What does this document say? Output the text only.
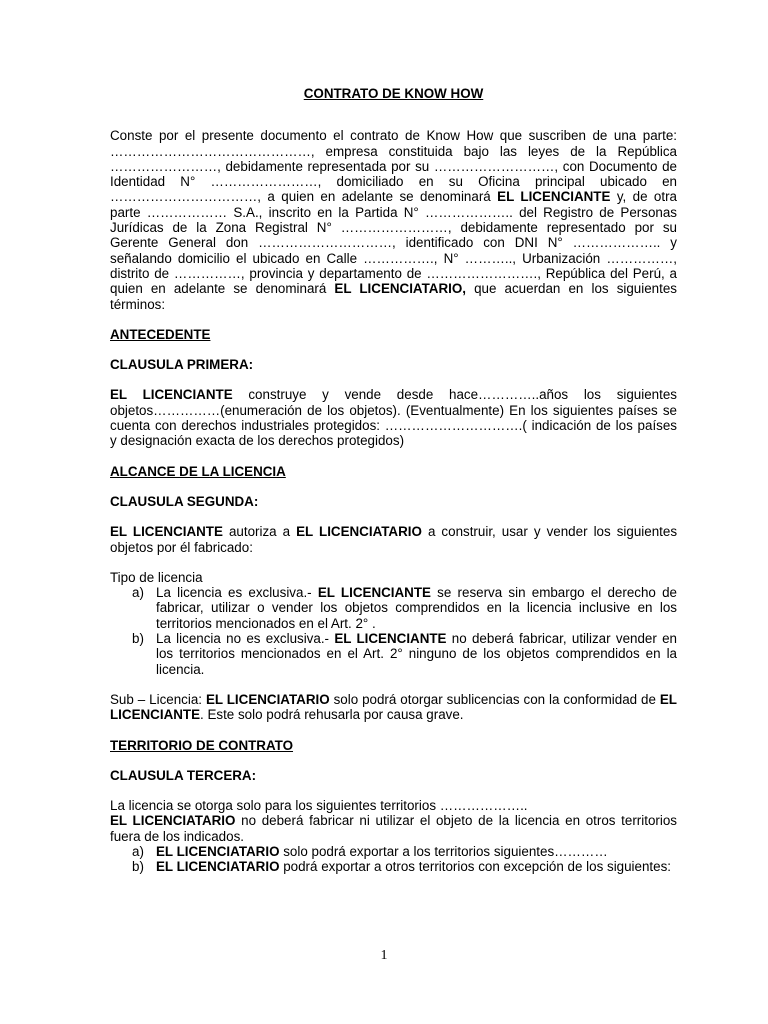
CONTRATO DE KNOW HOW

Conste por el presente documento el contrato de Know How que suscriben de una parte: ………………………………………, empresa constituida bajo las leyes de la República ……………………, debidamente representada por su ………………………, con Documento de Identidad N° ……………………, domiciliado en su Oficina principal ubicado en ……………………………, a quien en adelante se denominará EL LICENCIANTE y, de otra parte ……………… S.A., inscrito en la Partida N° ……………….. del Registro de Personas Jurídicas de la Zona Registral N° ……………………, debidamente representado por su Gerente General don …………………………, identificado con DNI N° ……………….. y señalando domicilio el ubicado en Calle ……………., N° ……….., Urbanización ……………, distrito de ……………, provincia y departamento de ……………………., República del Perú, a quien en adelante se denominará EL LICENCIATARIO, que acuerdan en los siguientes términos:

ANTECEDENTE

CLAUSULA PRIMERA:

EL LICENCIANTE construye y vende desde hace…………..años los siguientes objetos……………(enumeración de los objetos). (Eventualmente) En los siguientes países se cuenta con derechos industriales protegidos: ………………………….( indicación de los países y designación exacta de los derechos protegidos)

ALCANCE DE LA LICENCIA

CLAUSULA SEGUNDA:

EL LICENCIANTE autoriza a EL LICENCIATARIO a construir, usar y vender los siguientes objetos por él fabricado:

Tipo de licencia

a) La licencia es exclusiva.- EL LICENCIANTE se reserva sin embargo el derecho de fabricar, utilizar o vender los objetos comprendidos en la licencia inclusive en los territorios mencionados en el Art. 2° .
b) La licencia no es exclusiva.- EL LICENCIANTE no deberá fabricar, utilizar vender en los territorios mencionados en el Art. 2° ninguno de los objetos comprendidos en la licencia.

Sub – Licencia: EL LICENCIATARIO solo podrá otorgar sublicencias con la conformidad de EL LICENCIANTE. Este solo podrá rehusarla por causa grave.

TERRITORIO DE CONTRATO

CLAUSULA TERCERA:

La licencia se otorga solo para los siguientes territorios ………………..

EL LICENCIATARIO no deberá fabricar ni utilizar el objeto de la licencia en otros territorios fuera de los indicados.

a) EL LICENCIATARIO solo podrá exportar a los territorios siguientes…………
b) EL LICENCIATARIO podrá exportar a otros territorios con excepción de los siguientes:
1
